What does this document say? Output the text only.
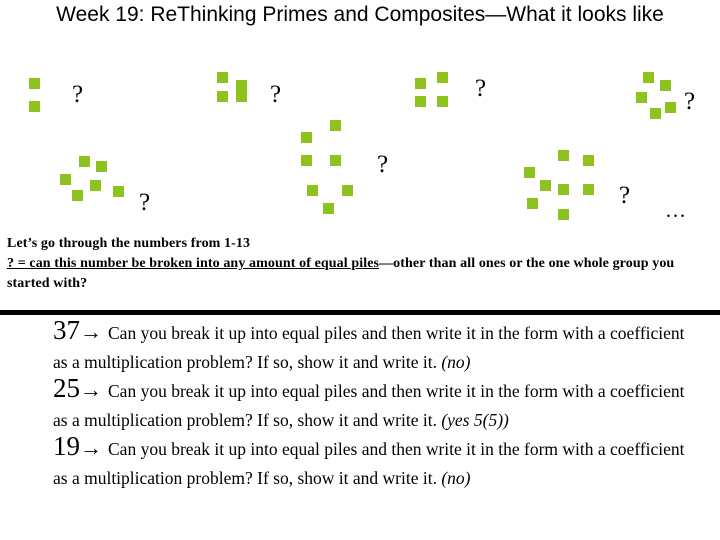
Week 19: ReThinking Primes and Composites—What it looks like
?	?	?	?
?
?
?
…
Let’s go through the numbers from 1-13
? = can this number be broken into any amount of equal piles—other than all ones or the one whole group you started with?
37→ Can you break it up into equal piles and then write it in the form with a coefficient as a multiplication problem? If so, show it and write it. (no)
25→ Can you break it up into equal piles and then write it in the form with a coefficient as a multiplication problem? If so, show it and write it. (yes 5(5))
19→ Can you break it up into equal piles and then write it in the form with a coefficient as a multiplication problem? If so, show it and write it. (no)
